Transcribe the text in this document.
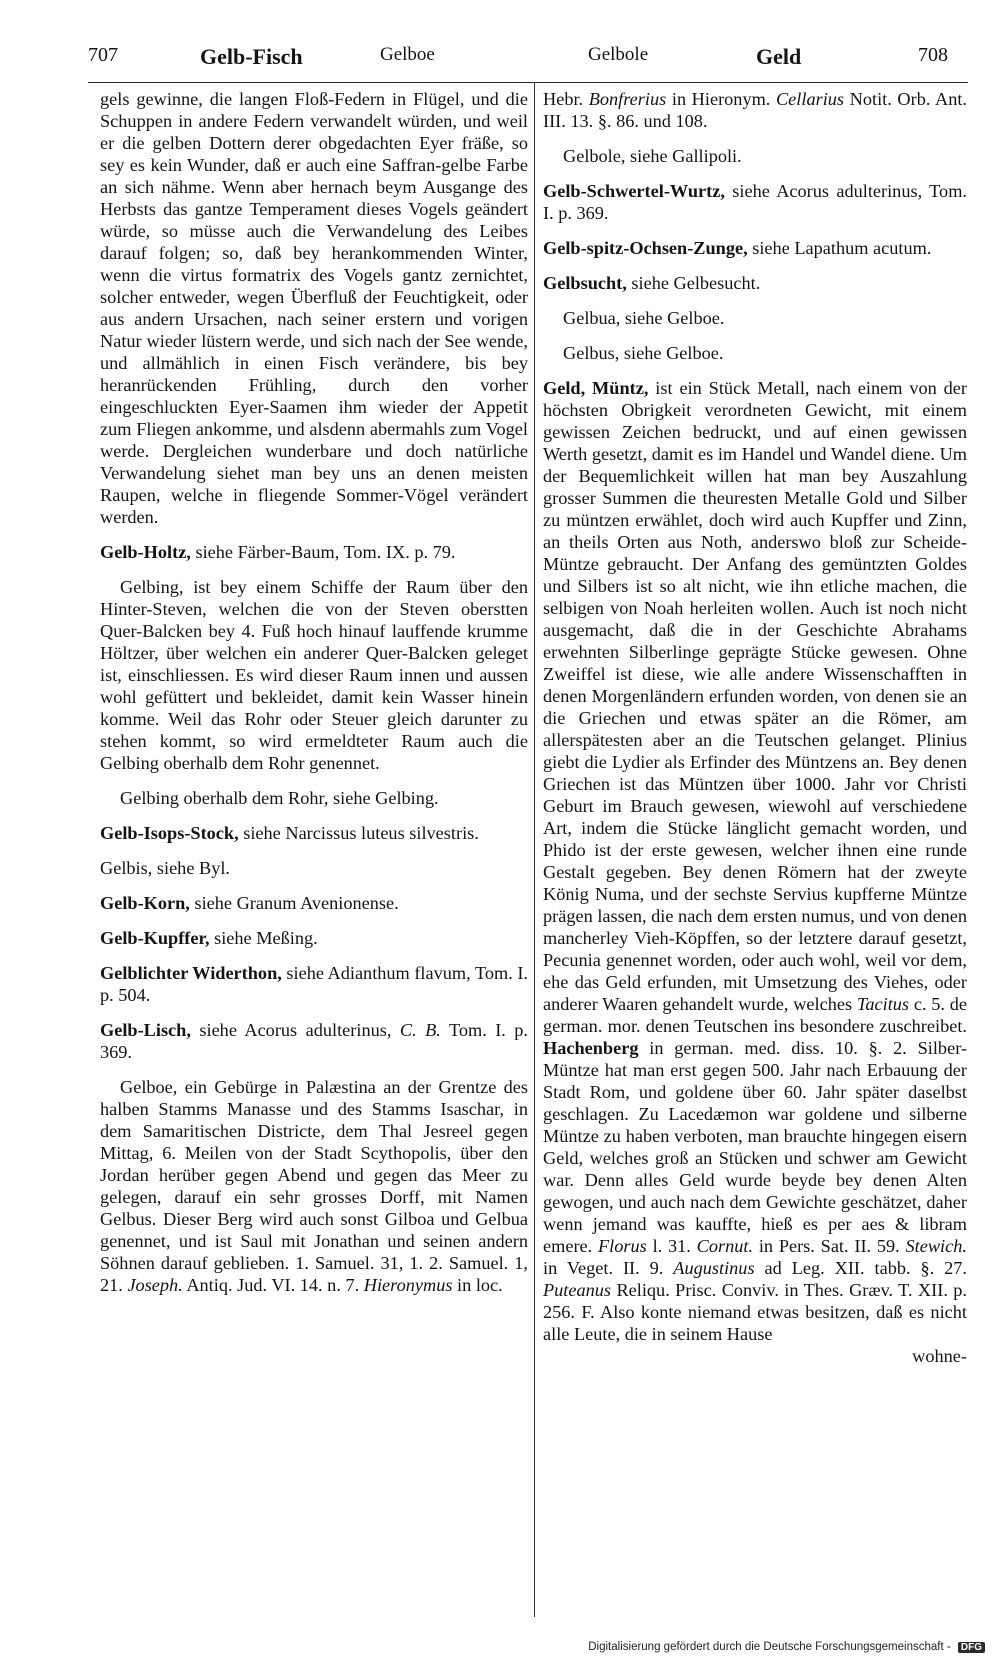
707	Gelb-Fisch	Gelboe	Gelbole	Geld	708

gels gewinne, die langen Floß-Federn in Flügel, und die Schuppen in andere Federn verwandelt würden, und weil er die gelben Dottern derer obgedachten Eyer fräße, so sey es kein Wunder, daß er auch eine Saffran-gelbe Farbe an sich nähme. Wenn aber hernach beym Ausgange des Herbsts das gantze Temperament dieses Vogels geändert würde, so müsse auch die Verwandelung des Leibes darauf folgen; so, daß bey herankommenden Winter, wenn die virtus formatrix des Vogels gantz zernichtet, solcher entweder, wegen Überfluß der Feuchtigkeit, oder aus andern Ursachen, nach seiner erstern und vorigen Natur wieder lüstern werde, und sich nach der See wende, und allmählich in einen Fisch verändere, bis bey heranrückenden Frühling, durch den vorher eingeschluckten Eyer-Saamen ihm wieder der Appetit zum Fliegen ankomme, und alsdenn abermahls zum Vogel werde. Dergleichen wunderbare und doch natürliche Verwandelung siehet man bey uns an denen meisten Raupen, welche in fliegende Sommer-Vögel verändert werden.

Gelb-Holtz, siehe Färber-Baum, Tom. IX. p. 79.

Gelbing, ist bey einem Schiffe der Raum über den Hinter-Steven, welchen die von der Steven oberstten Quer-Balcken bey 4. Fuß hoch hinauf lauffende krumme Höltzer, über welchen ein anderer Quer-Balcken geleget ist, einschliessen. Es wird dieser Raum innen und aussen wohl gefüttert und bekleidet, damit kein Wasser hinein komme. Weil das Rohr oder Steuer gleich darunter zu stehen kommt, so wird ermeldteter Raum auch die Gelbing oberhalb dem Rohr genennet.

Gelbing oberhalb dem Rohr, siehe Gelbing.

Gelb-Isops-Stock, siehe Narcissus luteus silvestris.

Gelbis, siehe Byl.

Gelb-Korn, siehe Granum Avenionense.

Gelb-Kupffer, siehe Meßing.

Gelblichter Widerthon, siehe Adianthum flavum, Tom. I. p. 504.

Gelb-Lisch, siehe Acorus adulterinus, C. B. Tom. I. p. 369.

Gelboe, ein Gebürge in Palæstina an der Grentze des halben Stamms Manasse und des Stamms Isaschar, in dem Samaritischen Districte, dem Thal Jesreel gegen Mittag, 6. Meilen von der Stadt Scythopolis, über den Jordan herüber gegen Abend und gegen das Meer zu gelegen, darauf ein sehr grosses Dorff, mit Namen Gelbus. Dieser Berg wird auch sonst Gilboa und Gelbua genennet, und ist Saul mit Jonathan und seinen andern Söhnen darauf geblieben. 1. Samuel. 31, 1. 2. Samuel. 1, 21. Joseph. Antiq. Jud. VI. 14. n. 7. Hieronymus in loc.

Hebr. Bonfrerius in Hieronym. Cellarius Notit. Orb. Ant. III. 13. §. 86. und 108.

Gelbole, siehe Gallipoli.

Gelb-Schwertel-Wurtz, siehe Acorus adulterinus, Tom. I. p. 369.

Gelb-spitz-Ochsen-Zunge, siehe Lapathum acutum.

Gelbsucht, siehe Gelbesucht.

Gelbua, siehe Gelboe.

Gelbus, siehe Gelboe.

Geld, Müntz, ist ein Stück Metall, nach einem von der höchsten Obrigkeit verordneten Gewicht, mit einem gewissen Zeichen bedruckt, und auf einen gewissen Werth gesetzt, damit es im Handel und Wandel diene. Um der Bequemlichkeit willen hat man bey Auszahlung grosser Summen die theuresten Metalle Gold und Silber zu müntzen erwählet, doch wird auch Kupffer und Zinn, an theils Orten aus Noth, anderswo bloß zur Scheide-Müntze gebraucht. Der Anfang des gemüntzten Goldes und Silbers ist so alt nicht, wie ihn etliche machen, die selbigen von Noah herleiten wollen. Auch ist noch nicht ausgemacht, daß die in der Geschichte Abrahams erwehnten Silberlinge geprägte Stücke gewesen. Ohne Zweiffel ist diese, wie alle andere Wissenschafften in denen Morgenländern erfunden worden, von denen sie an die Griechen und etwas später an die Römer, am allerspätesten aber an die Teutschen gelanget. Plinius giebt die Lydier als Erfinder des Müntzens an. Bey denen Griechen ist das Müntzen über 1000. Jahr vor Christi Geburt im Brauch gewesen, wiewohl auf verschiedene Art, indem die Stücke länglicht gemacht worden, und Phido ist der erste gewesen, welcher ihnen eine runde Gestalt gegeben. Bey denen Römern hat der zweyte König Numa, und der sechste Servius kupfferne Müntze prägen lassen, die nach dem ersten numus, und von denen mancherley Vieh-Köpffen, so der letztere darauf gesetzt, Pecunia genennet worden, oder auch wohl, weil vor dem, ehe das Geld erfunden, mit Umsetzung des Viehes, oder anderer Waaren gehandelt wurde, welches Tacitus c. 5. de german. mor. denen Teutschen ins besondere zuschreibet. Hachenberg in german. med. diss. 10. §. 2. Silber-Müntze hat man erst gegen 500. Jahr nach Erbauung der Stadt Rom, und goldene über 60. Jahr später daselbst geschlagen. Zu Lacedæmon war goldene und silberne Müntze zu haben verboten, man brauchte hingegen eisern Geld, welches groß an Stücken und schwer am Gewicht war. Denn alles Geld wurde beyde bey denen Alten gewogen, und auch nach dem Gewichte geschätzet, daher wenn jemand was kauffte, hieß es per aes & libram emere. Florus l. 31. Cornut. in Pers. Sat. II. 59. Stewich. in Veget. II. 9. Augustinus ad Leg. XII. tabb. §. 27. Puteanus Reliqu. Prisc. Conviv. in Thes. Græv. T. XII. p. 256. F. Also konte niemand etwas besitzen, daß es nicht alle Leute, die in seinem Hause
wohne-

Digitalisierung gefördert durch die Deutsche Forschungsgemeinschaft - DFG
